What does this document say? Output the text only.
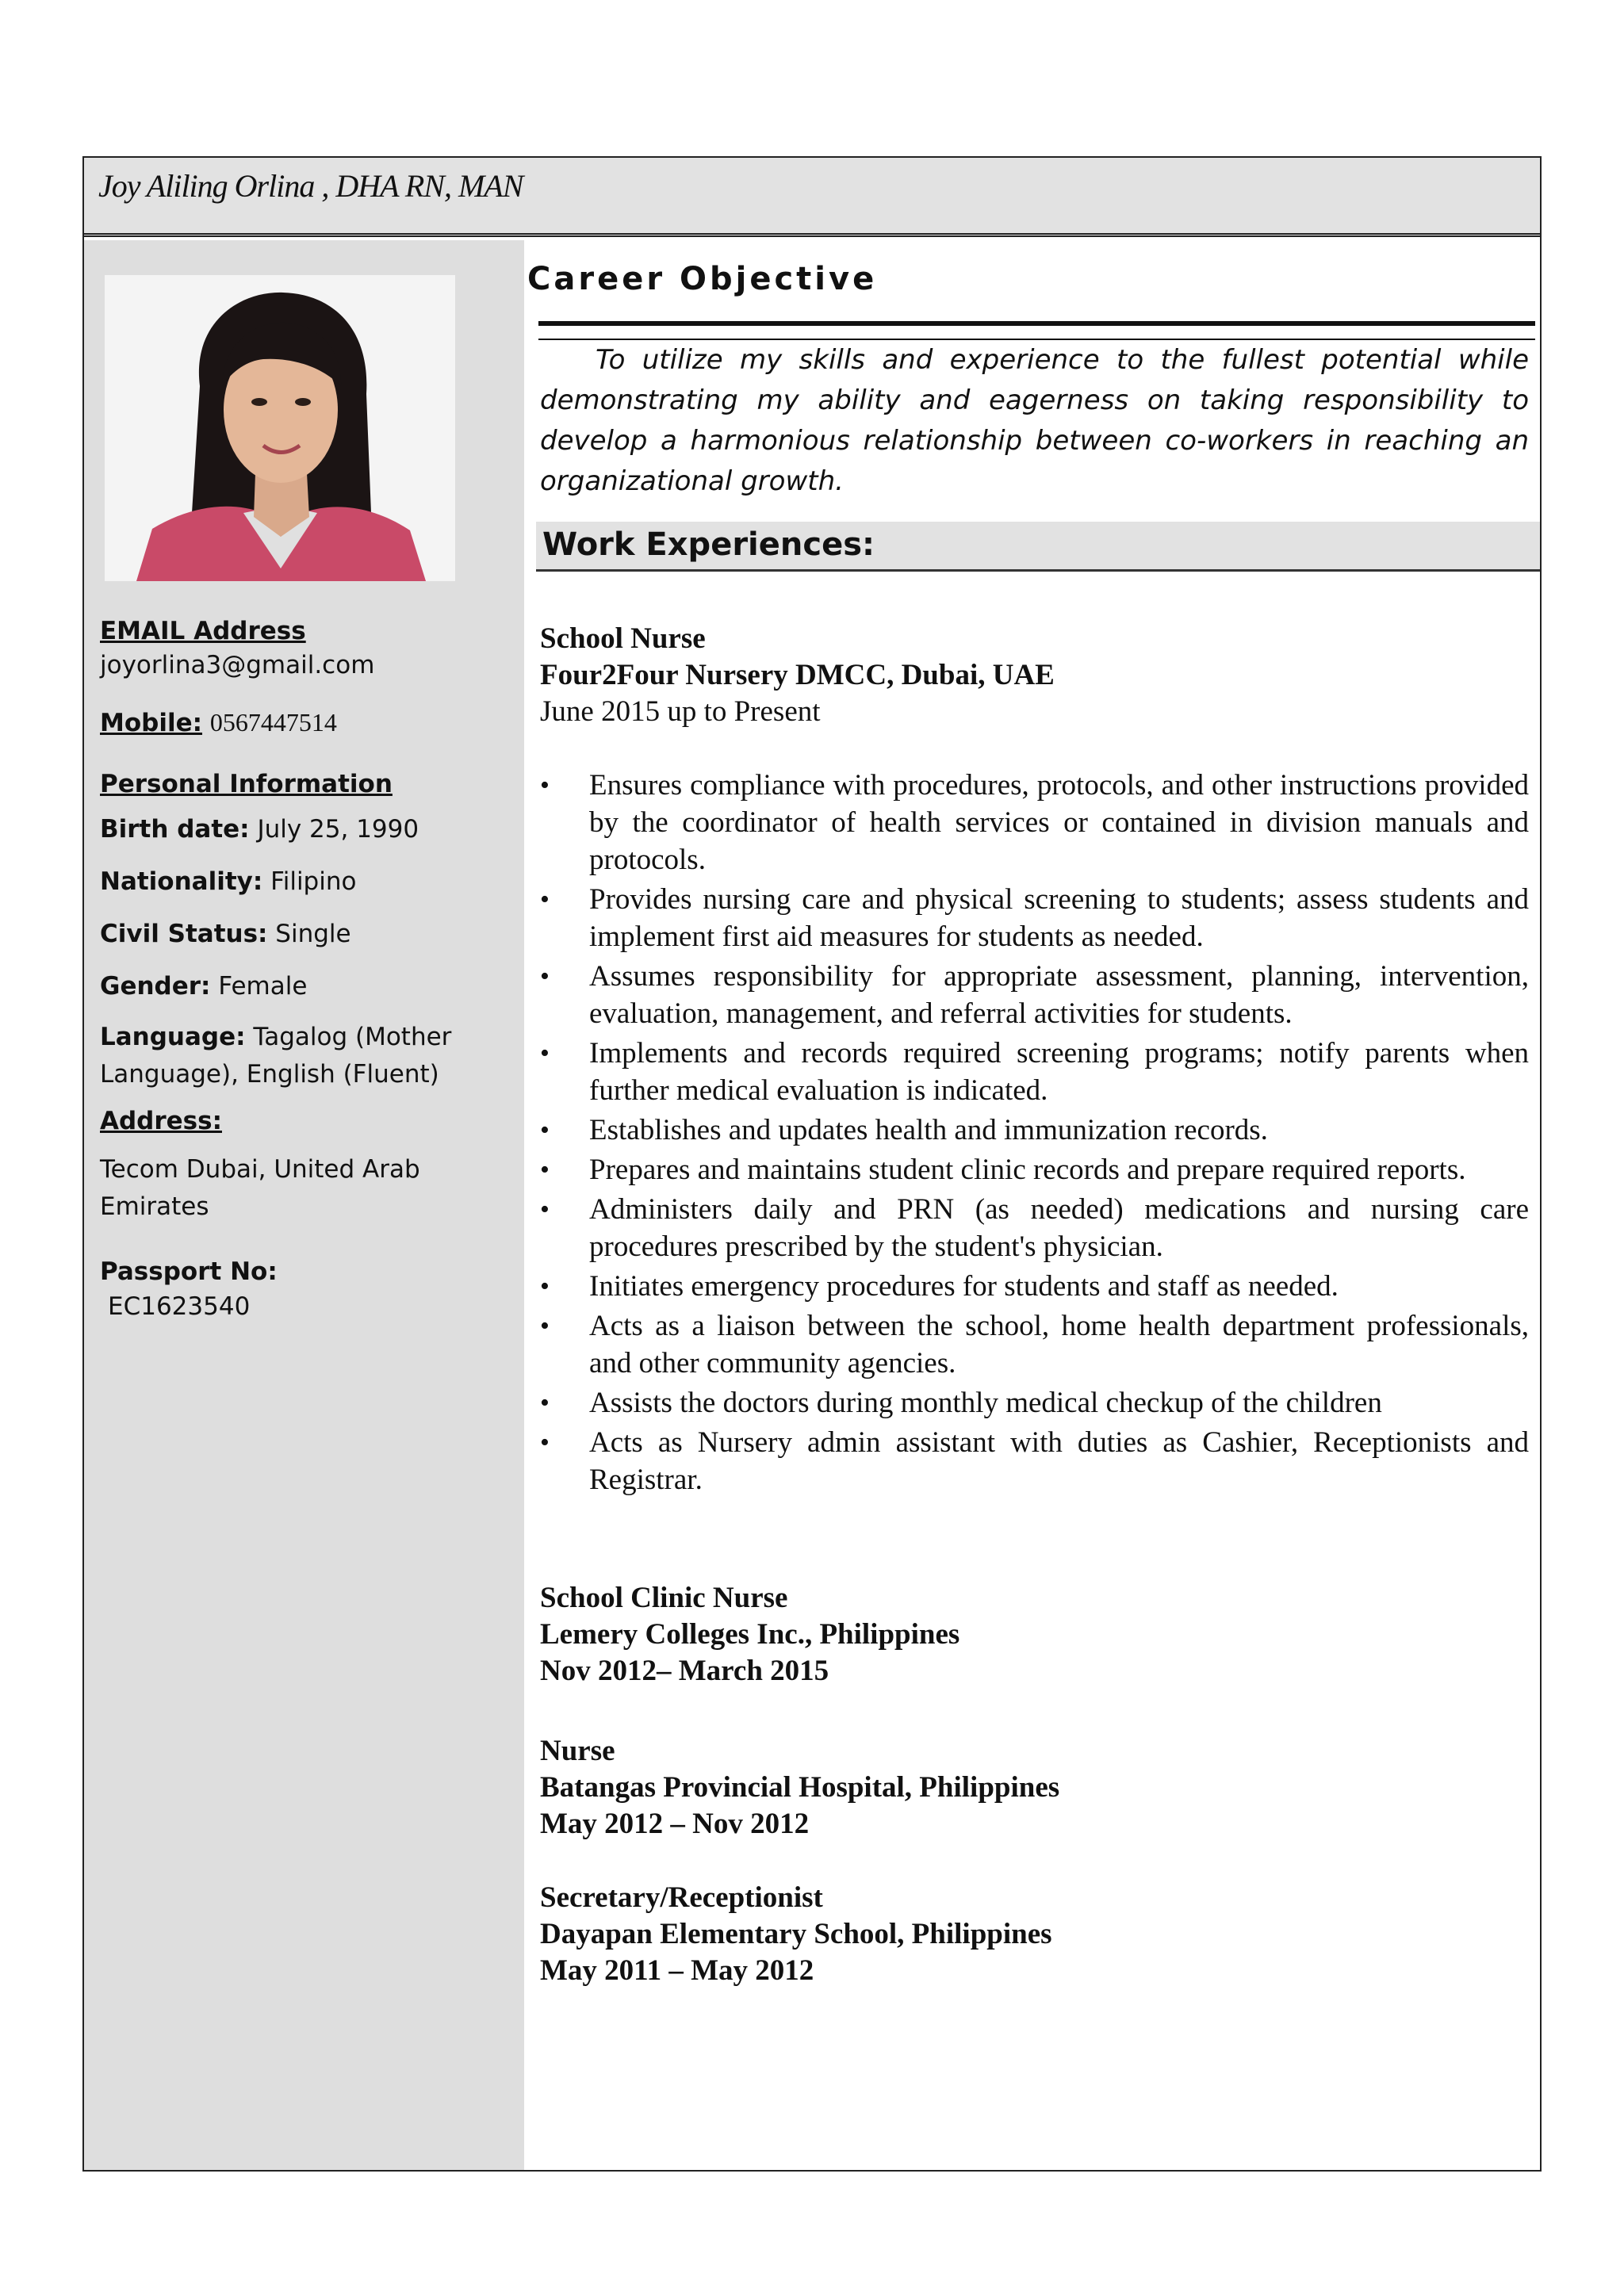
Joy Aliling Orlina , DHA RN, MAN
EMAIL Address
joyorlina3@gmail.com
Mobile: 0567447514
Personal Information
Birth date: July 25, 1990
Nationality: Filipino
Civil Status: Single
Gender: Female
Language: Tagalog (Mother Language), English (Fluent)
Address:
Tecom Dubai, United Arab Emirates
Passport No:
EC1623540
Career Objective
To utilize my skills and experience to the fullest potential while demonstrating my ability and eagerness on taking responsibility to develop a harmonious relationship between co-workers in reaching an organizational growth.
Work Experiences:
School Nurse
Four2Four Nursery DMCC, Dubai, UAE
June 2015 up to Present
•	Ensures compliance with procedures, protocols, and other instructions provided by the coordinator of health services or contained in division manuals and protocols.
•	Provides nursing care and physical screening to students; assess students and implement first aid measures for students as needed.
•	Assumes responsibility for appropriate assessment, planning, intervention, evaluation, management, and referral activities for students.
•	Implements and records required screening programs; notify parents when further medical evaluation is indicated.
•	Establishes and updates health and immunization records.
•	Prepares and maintains student clinic records and prepare required reports.
•	Administers daily and PRN (as needed) medications and nursing care procedures prescribed by the student's physician.
•	Initiates emergency procedures for students and staff as needed.
•	Acts as a liaison between the school, home health department professionals, and other community agencies.
•	Assists the doctors during monthly medical checkup of the children
•	Acts as Nursery admin assistant with duties as Cashier, Receptionists and Registrar.
School Clinic Nurse
Lemery Colleges Inc., Philippines
Nov 2012– March 2015
Nurse
Batangas Provincial Hospital, Philippines
May 2012 – Nov 2012
Secretary/Receptionist
Dayapan Elementary School, Philippines
May 2011 – May 2012
